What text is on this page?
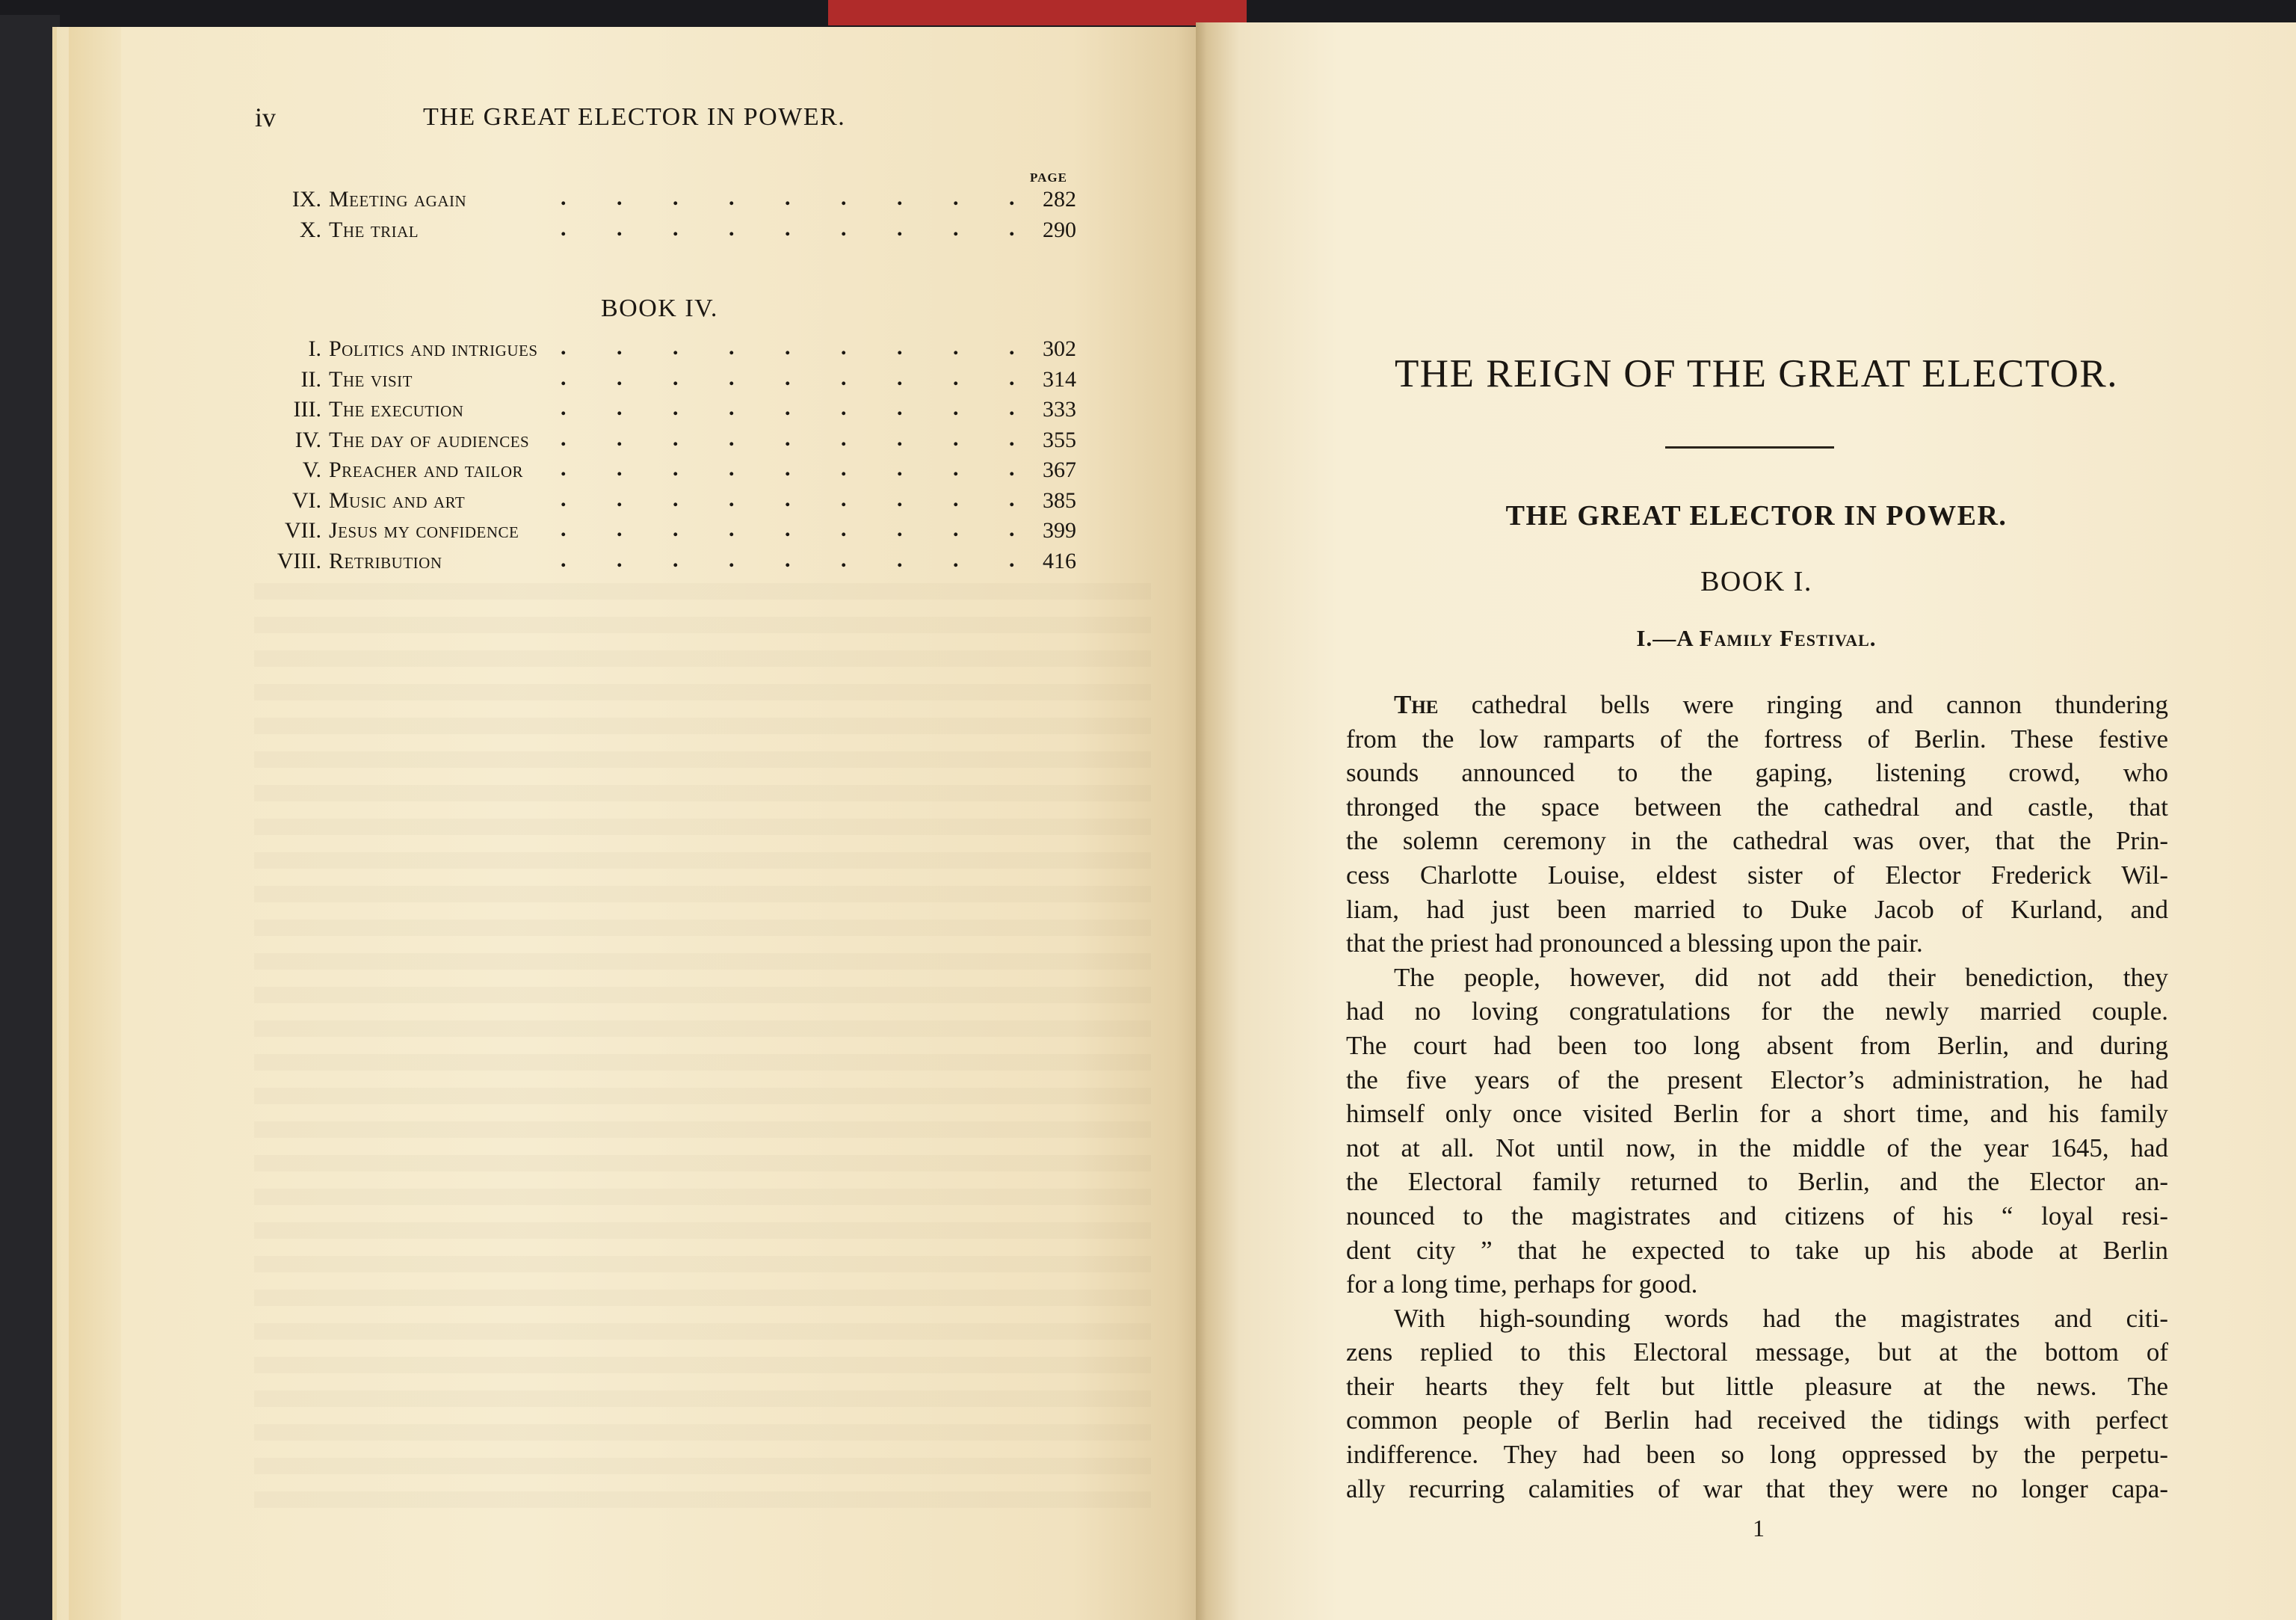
iv	THE GREAT ELECTOR IN POWER.
PAGE
IX. Meeting again	. . . . . . . . . 282
X. The trial	. . . . . . . . . 290
BOOK IV.
I. Politics and intrigues . . . . . . . . . 302
II. The visit	. . . . . . . . . 314
III. The execution	. . . . . . . . . 333
IV. The day of audiences . . . . . . . . . 355
V. Preacher and tailor . . . . . . . . . 367
VI. Music and art	. . . . . . . . . 385
VII. Jesus my confidence . . . . . . . . . 399
VIII. Retribution	. . . . . . . . . 416
THE REIGN OF THE GREAT ELECTOR.
THE GREAT ELECTOR IN POWER.
BOOK I.
I.—A Family Festival.
The cathedral bells were ringing and cannon thundering
from the low ramparts of the fortress of Berlin. These festive
sounds announced to the gaping, listening crowd, who
thronged the space between the cathedral and castle, that
the solemn ceremony in the cathedral was over, that the Prin-
cess Charlotte Louise, eldest sister of Elector Frederick Wil-
liam, had just been married to Duke Jacob of Kurland, and
that the priest had pronounced a blessing upon the pair.
The people, however, did not add their benediction, they
had no loving congratulations for the newly married couple.
The court had been too long absent from Berlin, and during
the five years of the present Elector’s administration, he had
himself only once visited Berlin for a short time, and his family
not at all. Not until now, in the middle of the year 1645, had
the Electoral family returned to Berlin, and the Elector an-
nounced to the magistrates and citizens of his “ loyal resi-
dent city ” that he expected to take up his abode at Berlin
for a long time, perhaps for good.
With high-sounding words had the magistrates and citi-
zens replied to this Electoral message, but at the bottom of
their hearts they felt but little pleasure at the news. The
common people of Berlin had received the tidings with perfect
indifference. They had been so long oppressed by the perpetu-
ally recurring calamities of war that they were no longer capa-
1
